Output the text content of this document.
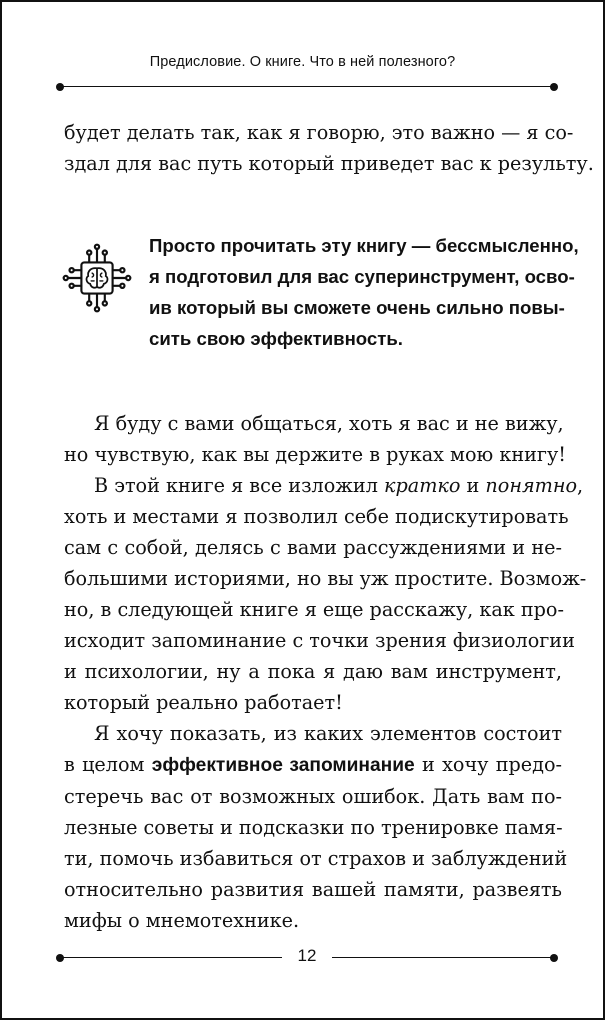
Предисловие. О книге. Что в ней полезного?
будет делать так, как я говорю, это важно — я со-
здал для вас путь который приведет вас к результу.
Просто прочитать эту книгу — бессмысленно,
я подготовил для вас суперинструмент, осво-
ив который вы сможете очень сильно повы-
сить свою эффективность.
Я буду с вами общаться, хоть я вас и не вижу,
но чувствую, как вы держите в руках мою книгу!
В этой книге я все изложил кратко и понятно,
хоть и местами я позволил себе подискутировать
сам с собой, делясь с вами рассуждениями и не-
большими историями, но вы уж простите. Возмож-
но, в следующей книге я еще расскажу, как про-
исходит запоминание с точки зрения физиологии
и психологии, ну а пока я даю вам инструмент,
который реально работает!
Я хочу показать, из каких элементов состоит
в целом эффективное запоминание и хочу предо-
стеречь вас от возможных ошибок. Дать вам по-
лезные советы и подсказки по тренировке памя-
ти, помочь избавиться от страхов и заблуждений
относительно развития вашей памяти, развеять
мифы о мнемотехнике.
12
